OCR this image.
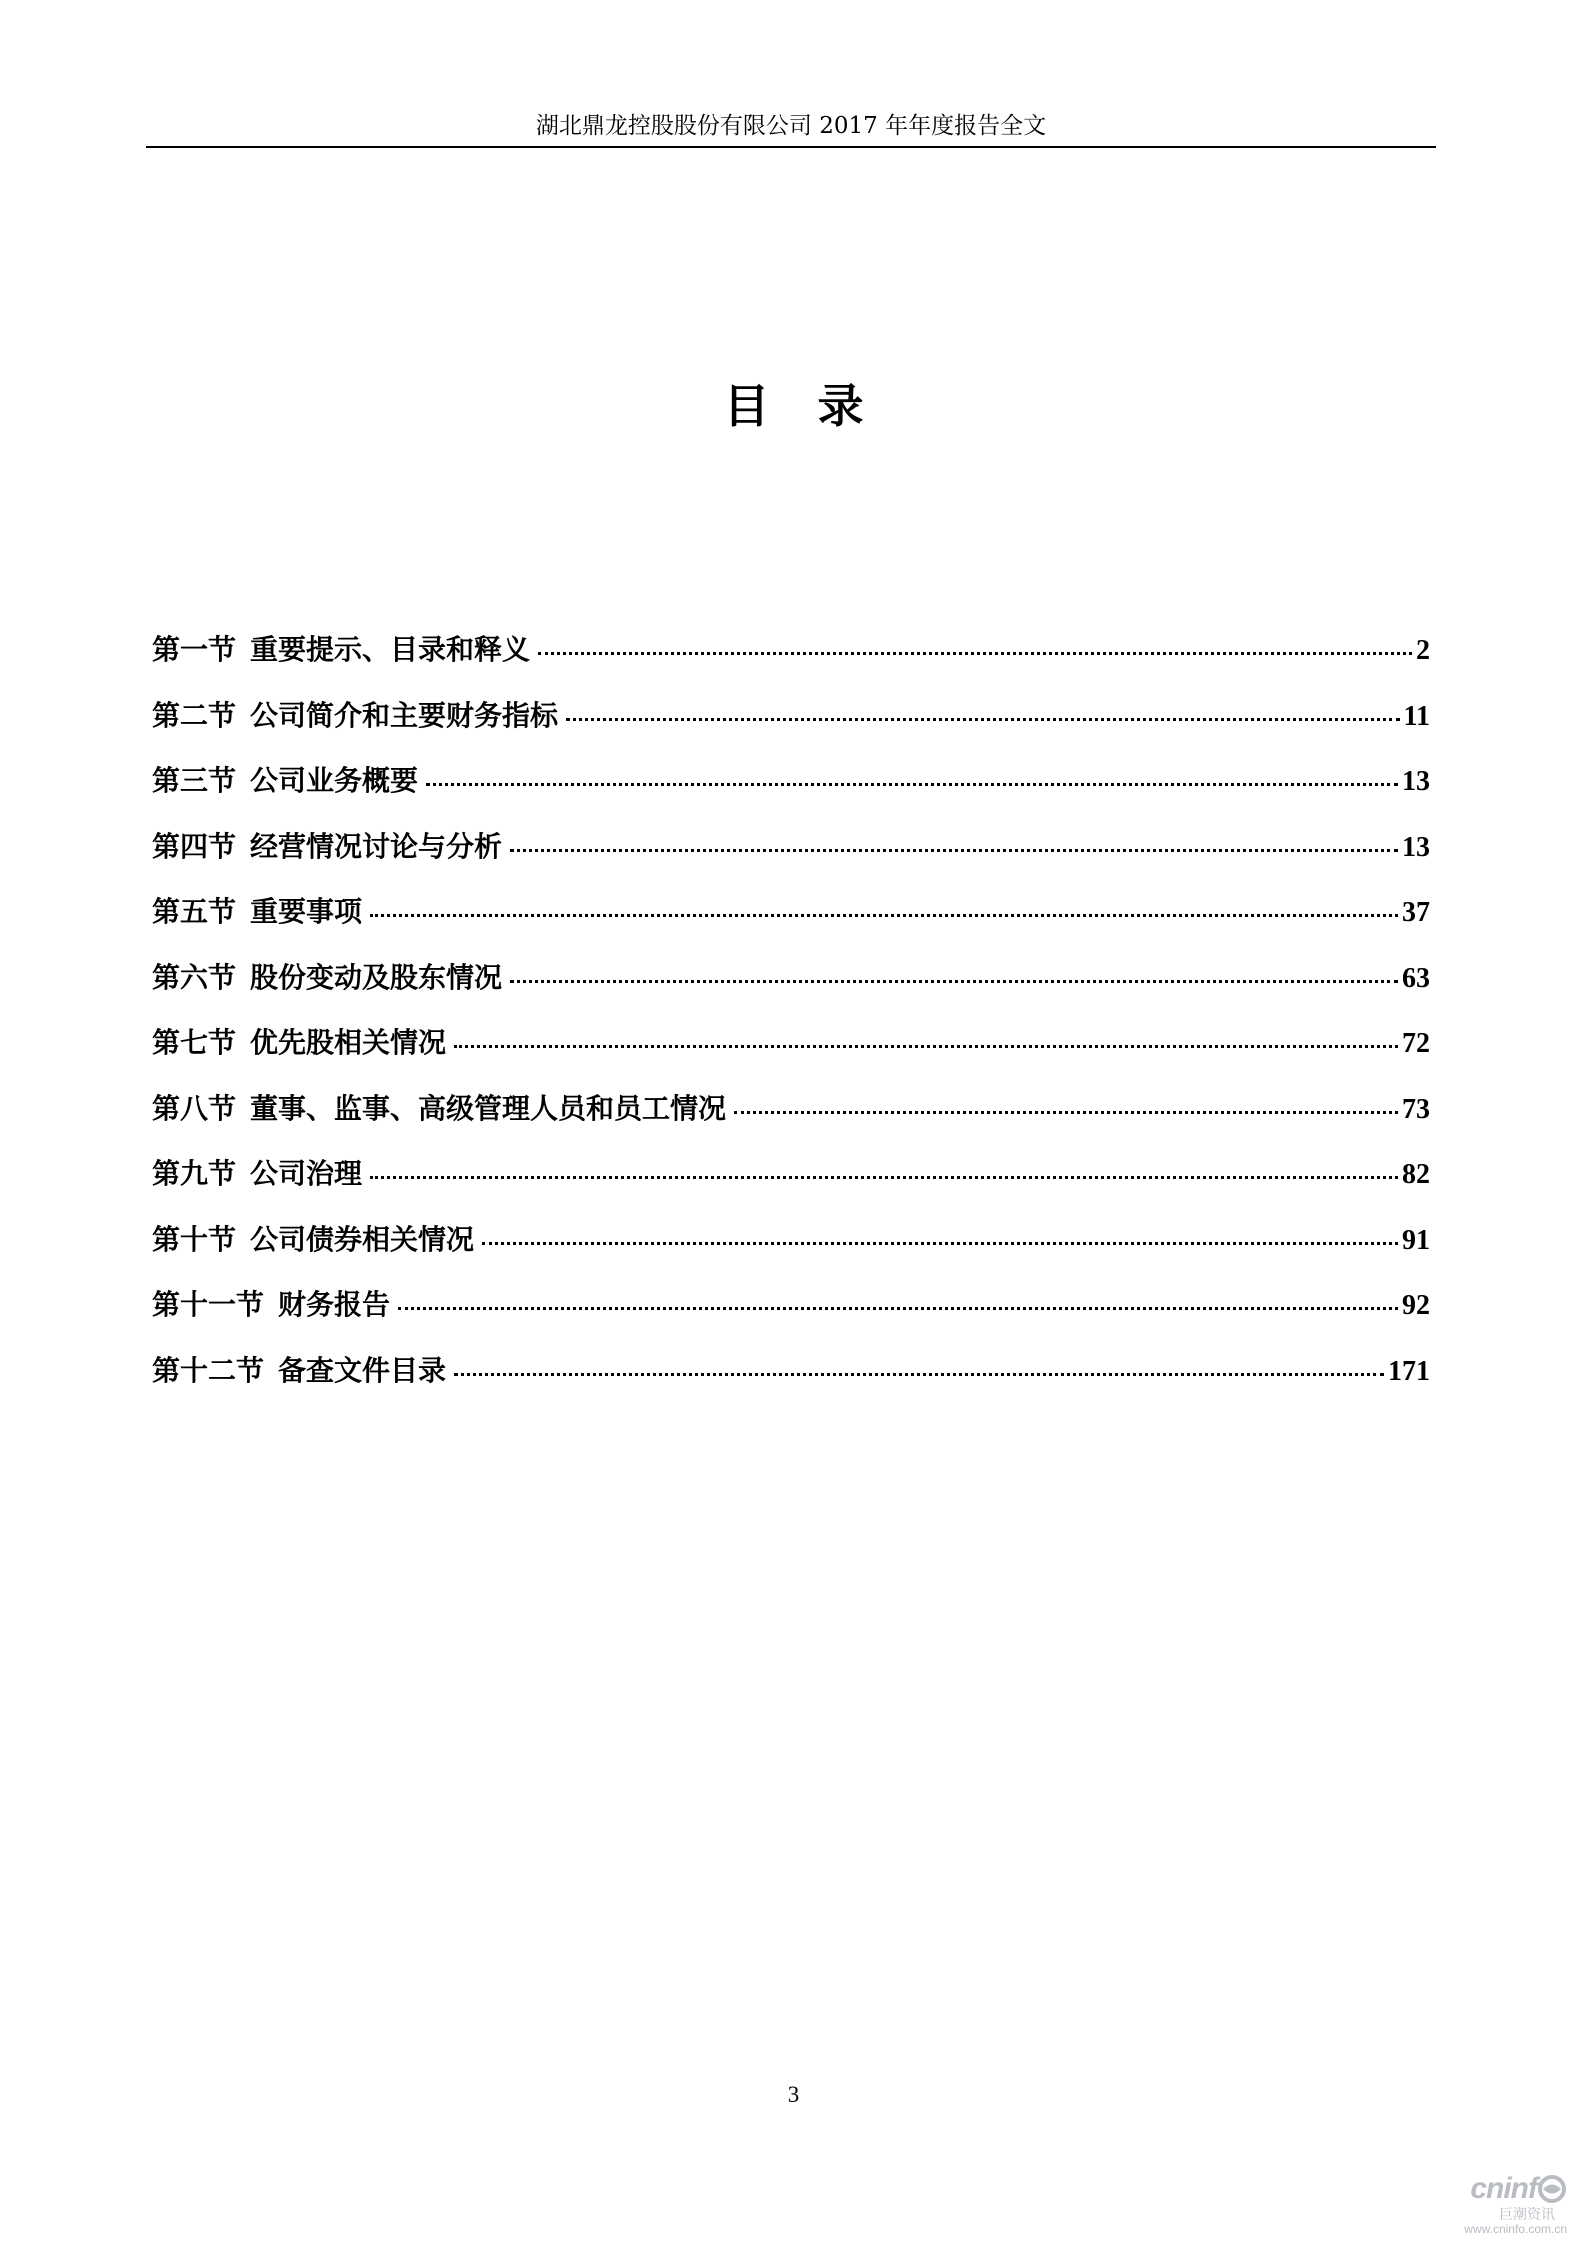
湖北鼎龙控股股份有限公司 2017 年年度报告全文
目录
第一节 重要提示、目录和释义	2
第二节 公司简介和主要财务指标	11
第三节 公司业务概要	13
第四节 经营情况讨论与分析	13
第五节 重要事项	37
第六节 股份变动及股东情况	63
第七节 优先股相关情况	72
第八节 董事、监事、高级管理人员和员工情况	73
第九节 公司治理	82
第十节 公司债券相关情况	91
第十一节 财务报告	92
第十二节 备查文件目录	171
3
cninf
巨潮资讯
www.cninfo.com.cn
